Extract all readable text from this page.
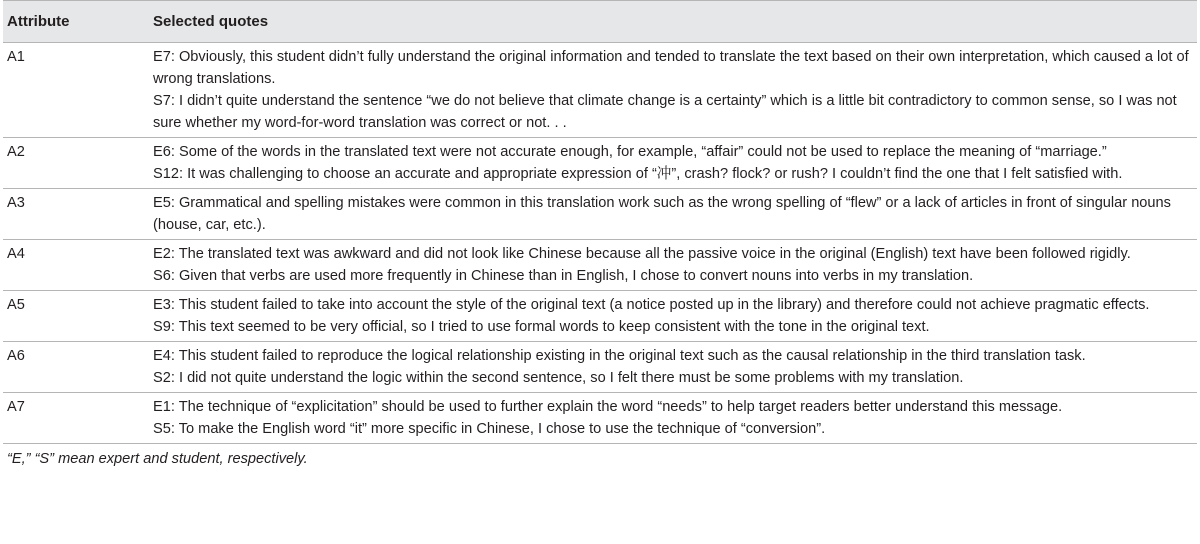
Attribute	Selected quotes
A1	E7: Obviously, this student didn’t fully understand the original information and tended to translate the text based on their own interpretation, which caused a lot of wrong translations.
S7: I didn’t quite understand the sentence “we do not believe that climate change is a certainty” which is a little bit contradictory to common sense, so I was not sure whether my word-for-word translation was correct or not. . .

A2	E6: Some of the words in the translated text were not accurate enough, for example, “affair” could not be used to replace the meaning of “marriage.”
S12: It was challenging to choose an accurate and appropriate expression of “冲”, crash? flock? or rush? I couldn’t find the one that I felt satisfied with.

A3	E5: Grammatical and spelling mistakes were common in this translation work such as the wrong spelling of “flew” or a lack of articles in front of singular nouns (house, car, etc.).

A4	E2: The translated text was awkward and did not look like Chinese because all the passive voice in the original (English) text have been followed rigidly.
S6: Given that verbs are used more frequently in Chinese than in English, I chose to convert nouns into verbs in my translation.

A5	E3: This student failed to take into account the style of the original text (a notice posted up in the library) and therefore could not achieve pragmatic effects.
S9: This text seemed to be very official, so I tried to use formal words to keep consistent with the tone in the original text.

A6	E4: This student failed to reproduce the logical relationship existing in the original text such as the causal relationship in the third translation task.
S2: I did not quite understand the logic within the second sentence, so I felt there must be some problems with my translation.

A7	E1: The technique of “explicitation” should be used to further explain the word “needs” to help target readers better understand this message.
S5: To make the English word “it” more specific in Chinese, I chose to use the technique of “conversion”.
“E,” “S” mean expert and student, respectively.
